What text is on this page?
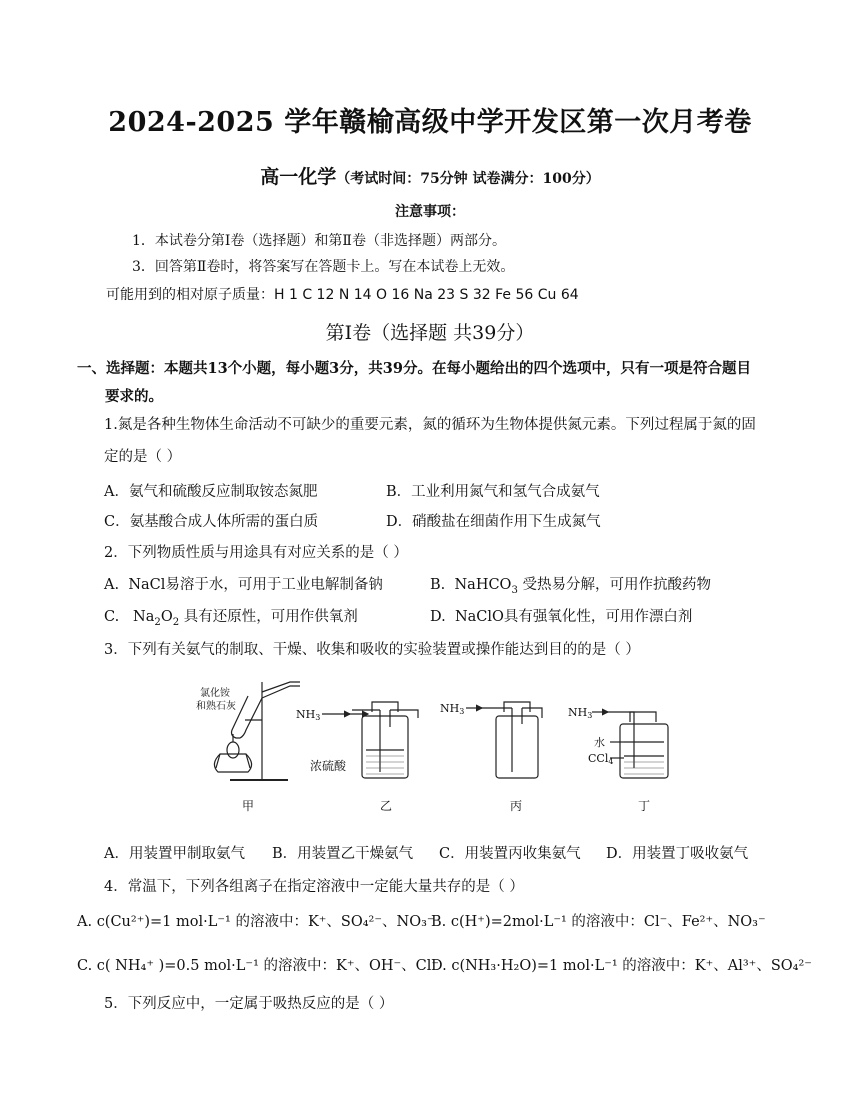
2024-2025 学年赣榆高级中学开发区第一次月考卷
高一化学（考试时间：75分钟 试卷满分：100分）
注意事项：
1．本试卷分第Ⅰ卷（选择题）和第Ⅱ卷（非选择题）两部分。
3．回答第Ⅱ卷时，将答案写在答题卡上。写在本试卷上无效。
可能用到的相对原子质量：H 1 C 12 N 14 O 16 Na 23 S 32 Fe 56 Cu 64
第Ⅰ卷（选择题 共39分）
一、选择题：本题共13个小题，每小题3分，共39分。在每小题给出的四个选项中，只有一项是符合题目
要求的。
1.氮是各种生物体生命活动不可缺少的重要元素，氮的循环为生物体提供氮元素。下列过程属于氮的固
定的是（ ）
A．氨气和硫酸反应制取铵态氮肥	B．工业利用氮气和氢气合成氨气
C．氨基酸合成人体所需的蛋白质	D．硝酸盐在细菌作用下生成氮气
2．下列物质性质与用途具有对应关系的是（ ）
A. NaCl易溶于水，可用于工业电解制备钠	B. NaHCO$_3$ 受热易分解，可用作抗酸药物
C. $Na_2O_2$ 具有还原性，可用作供氧剂	D. NaClO具有强氧化性，可用作漂白剂
3．下列有关氨气的制取、干燥、收集和吸收的实验装置或操作能达到目的的是（ ）
氯化铵
和熟石灰
NH3
NH3	NH3
浓硫酸
水
CCl4
甲	乙	丙	丁
A．用装置甲制取氨气 B．用装置乙干燥氨气 C．用装置丙收集氨气 D．用装置丁吸收氨气
4．常温下，下列各组离子在指定溶液中一定能大量共存的是（ ）
A. c(Cu²⁺)=1 mol·L⁻¹ 的溶液中：K⁺、SO₄²⁻、NO₃⁻
B. c(H⁺)=2mol·L⁻¹ 的溶液中：Cl⁻、Fe²⁺、NO₃⁻
C. c( NH₄⁺ )=0.5 mol·L⁻¹ 的溶液中：K⁺、OH⁻、Cl⁻
D. c(NH₃·H₂O)=1 mol·L⁻¹ 的溶液中：K⁺、Al³⁺、SO₄²⁻
5．下列反应中，一定属于吸热反应的是（ ）
